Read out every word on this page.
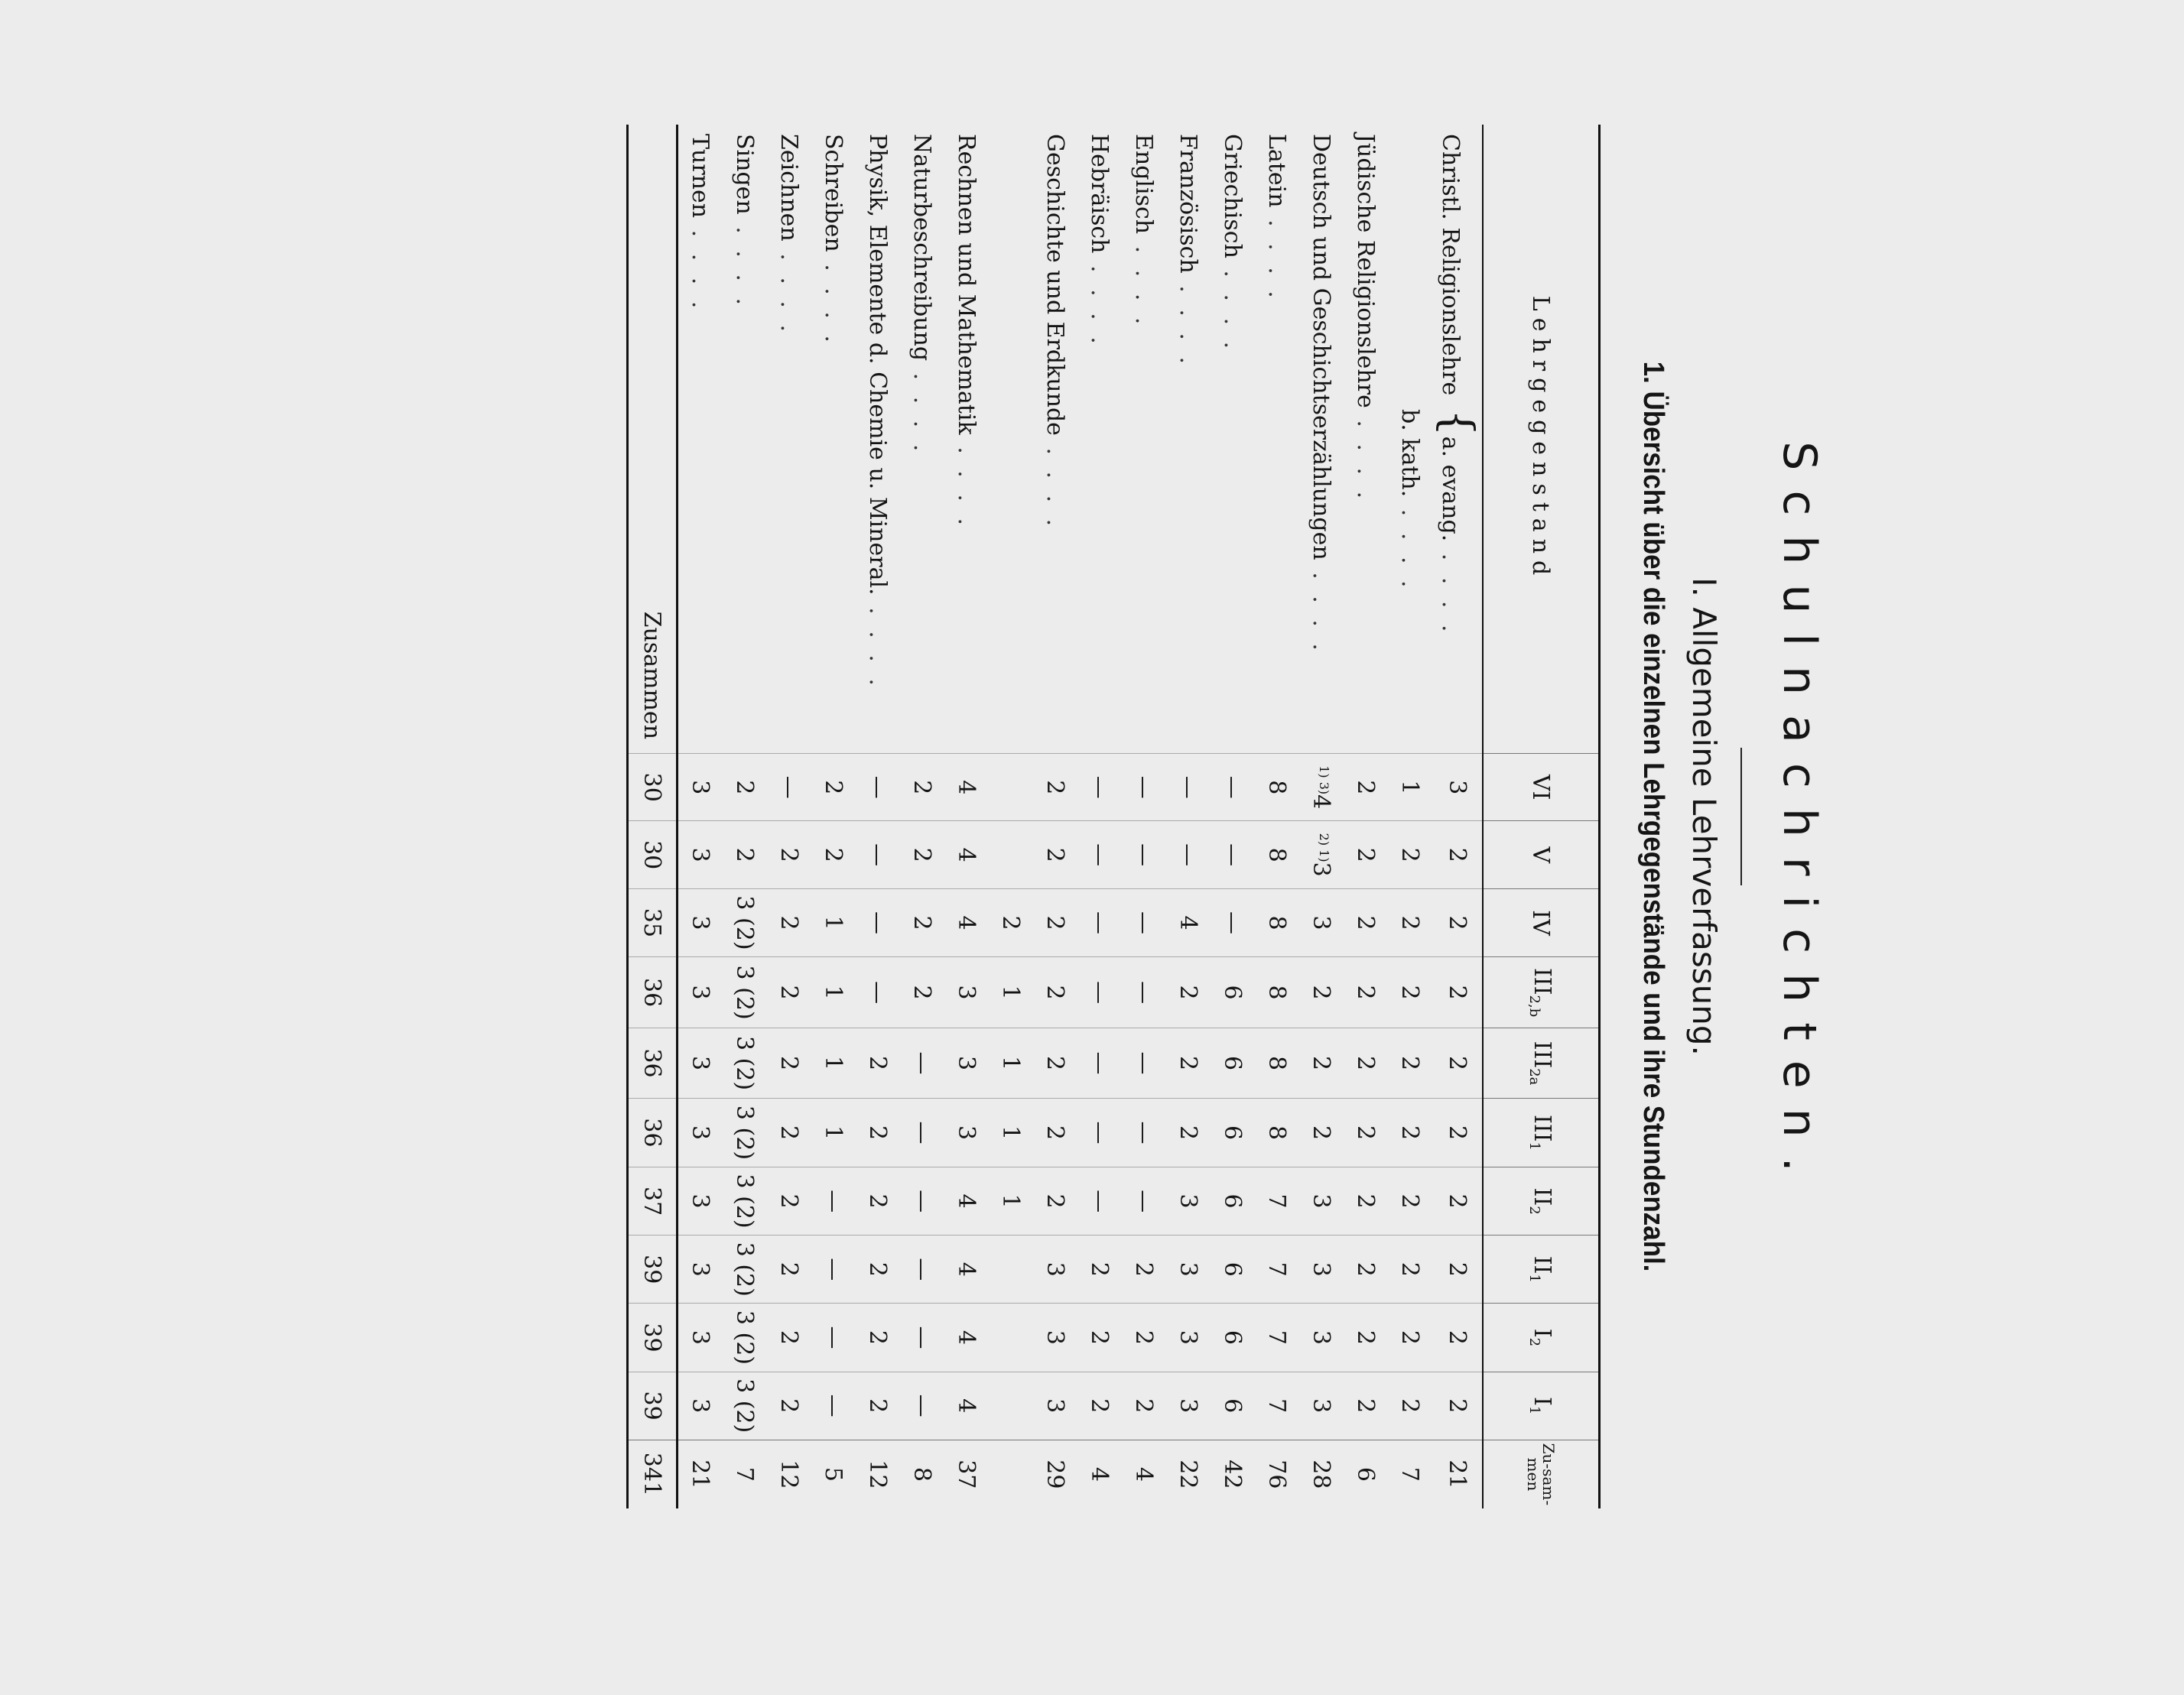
Schulnachrichten.
I. Allgemeine Lehrverfassung.
1. Übersicht über die einzelnen Lehrgegenstände und ihre Stundenzahl.
Lehrgegenstand	VI	V	IV	$III_{2,b}$	$III_{2a}$	$III_1$	$II_2$	$II_1$	$I_2$	$I_1$	Zu-sam-men
Christl. Religionslehre {a. evang. . . . .	3	2	2	2	2	2	2	2	2	2	21
b. kath. . . . .	1	2	2	2	2	2	2	2	2	2	7
Jüdische Religionslehre . . . .	2	2	2	2	2	2	2	2	2	2	6
Deutsch und Geschichtserzählungen . . . .	$^{1) 3)}$4	$^{2) 1)}$3	3	2	2	2	3	3	3	3	28
Latein . . . .	8	8	8	8	8	8	7	7	7	7	76
Griechisch . . . .	—	—	—	6	6	6	6	6	6	6	42
Französisch . . . .	—	—	4	2	2	2	3	3	3	3	22
Englisch . . . .	—	—	—	—	—	—	—	2	2	2	4
Hebräisch . . . .	—	—	—	—	—	—	—	2	2	2	4
Geschichte und Erdkunde . . . .	2	2	2	2	2	2	2	3	3	3	29
			2	1	1	1	1				
Rechnen und Mathematik . . . .	4	4	4	3	3	3	4	4	4	4	37
Naturbeschreibung . . . .	2	2	2	2	—	—	—	—	—	—	8
Physik, Elemente d. Chemie u. Mineral. . . . .	—	—	—	—	2	2	2	2	2	2	12
Schreiben . . . .	2	2	1	1	1	1	—	—	—	—	5
Zeichnen . . . .	—	2	2	2	2	2	2	2	2	2	12
Singen . . . .	2	2	3 (2)	3 (2)	3 (2)	3 (2)	3 (2)	3 (2)	3 (2)	3 (2)	7
Turnen . . . .	3	3	3	3	3	3	3	3	3	3	21
Zusammen	30	30	35	36	36	36	37	39	39	39	341
